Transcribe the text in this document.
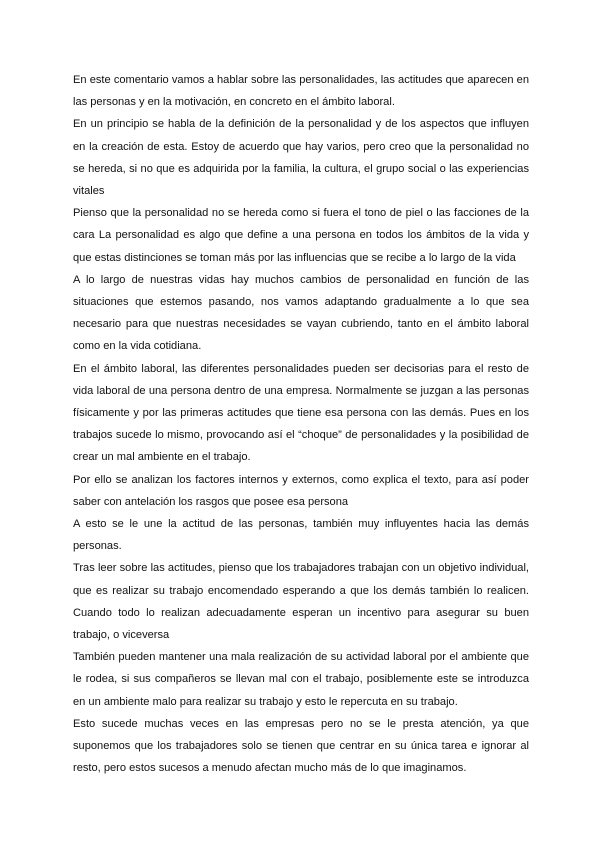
En este comentario vamos a hablar sobre las personalidades, las actitudes que aparecen en las personas y en la motivación, en concreto en el ámbito laboral.

En un principio se habla de la definición de la personalidad y de los aspectos que influyen en la creación de esta. Estoy de acuerdo que hay varios, pero creo que la personalidad no se hereda, si no que es adquirida por la familia, la cultura, el grupo social o las experiencias vitales

Pienso que la personalidad no se hereda como si fuera el tono de piel o las facciones de la cara La personalidad es algo que define a una persona en todos los ámbitos de la vida y que estas distinciones se toman más por las influencias que se recibe a lo largo de la vida

A lo largo de nuestras vidas hay muchos cambios de personalidad en función de las situaciones que estemos pasando, nos vamos adaptando gradualmente a lo que sea necesario para que nuestras necesidades se vayan cubriendo, tanto en el ámbito laboral como en la vida cotidiana.

En el ámbito laboral, las diferentes personalidades pueden ser decisorias para el resto de vida laboral de una persona dentro de una empresa. Normalmente se juzgan a las personas físicamente y por las primeras actitudes que tiene esa persona con las demás. Pues en los trabajos sucede lo mismo, provocando así el “choque” de personalidades y la posibilidad de crear un mal ambiente en el trabajo.

Por ello se analizan los factores internos y externos, como explica el texto, para así poder saber con antelación los rasgos que posee esa persona

A esto se le une la actitud de las personas, también muy influyentes hacia las demás personas.

Tras leer sobre las actitudes, pienso que los trabajadores trabajan con un objetivo individual, que es realizar su trabajo encomendado esperando a que los demás también lo realicen. Cuando todo lo realizan adecuadamente esperan un incentivo para asegurar su buen trabajo, o viceversa

También pueden mantener una mala realización de su actividad laboral por el ambiente que le rodea, si sus compañeros se llevan mal con el trabajo, posiblemente este se introduzca en un ambiente malo para realizar su trabajo y esto le repercuta en su trabajo.

Esto sucede muchas veces en las empresas pero no se le presta atención, ya que suponemos que los trabajadores solo se tienen que centrar en su única tarea e ignorar al resto, pero estos sucesos a menudo afectan mucho más de lo que imaginamos.
